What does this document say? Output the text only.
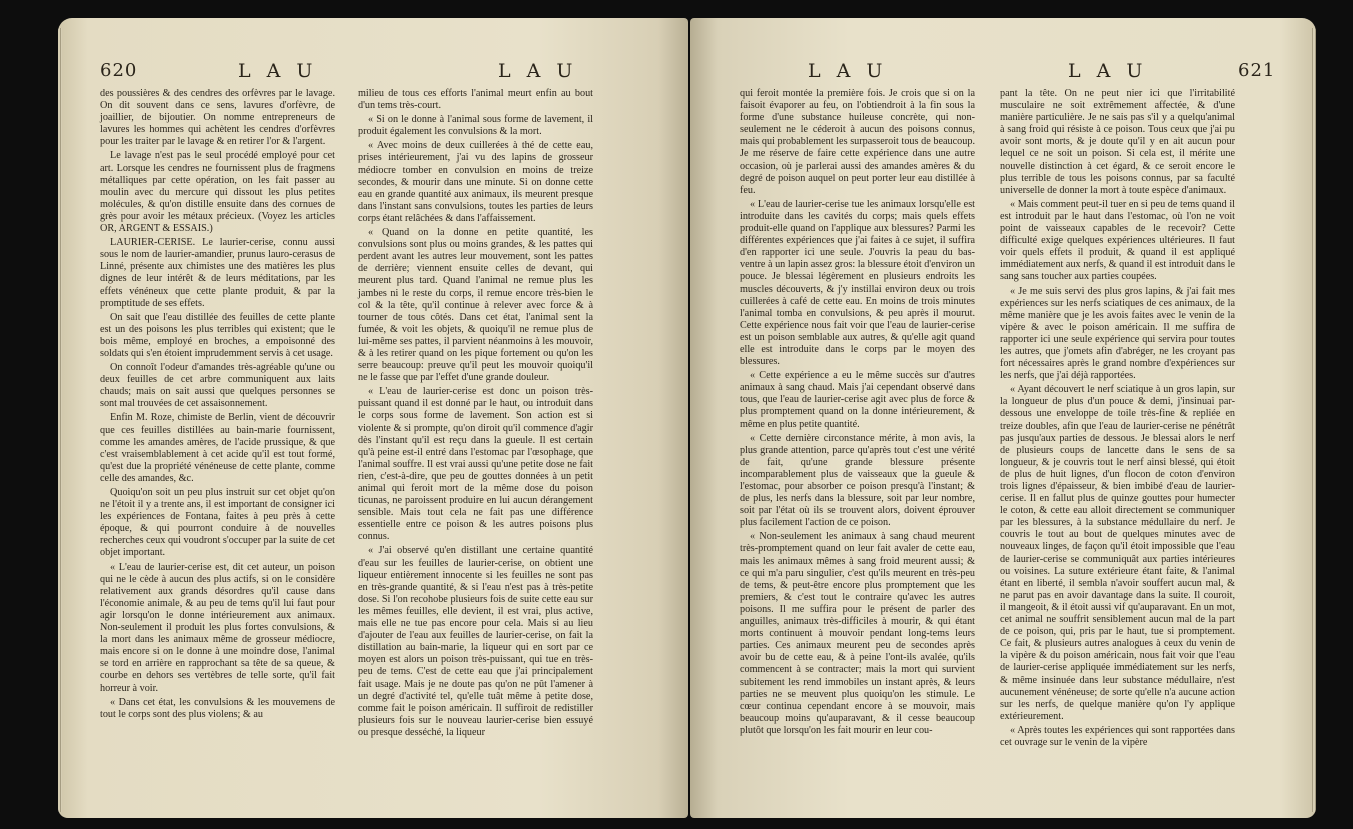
620	L A U	L A U

des poussières & des cendres des orfèvres par le lavage. On dit souvent dans ce sens, lavures d'orfèvre, de joaillier, de bijoutier. On nomme entrepreneurs de lavures les hommes qui achètent les cendres d'orfèvres pour les traiter par le lavage & en retirer l'or & l'argent.

Le lavage n'est pas le seul procédé employé pour cet art. Lorsque les cendres ne fournissent plus de fragmens métalliques par cette opération, on les fait passer au moulin avec du mercure qui dissout les plus petites molécules, & qu'on distille ensuite dans des cornues de grès pour avoir les métaux précieux. (Voyez les articles OR, ARGENT & ESSAIS.)

LAURIER-CERISE. Le laurier-cerise, connu aussi sous le nom de laurier-amandier, prunus lauro-cerasus de Linné, présente aux chimistes une des matières les plus dignes de leur intérêt & de leurs méditations, par les effets vénéneux que cette plante produit, & par la promptitude de ses effets.

On sait que l'eau distillée des feuilles de cette plante est un des poisons les plus terribles qui existent; que le bois même, employé en broches, a empoisonné des soldats qui s'en étoient imprudemment servis à cet usage.

On connoît l'odeur d'amandes très-agréable qu'une ou deux feuilles de cet arbre communiquent aux laits chauds; mais on sait aussi que quelques personnes se sont mal trouvées de cet assaisonnement.

Enfin M. Roze, chimiste de Berlin, vient de découvrir que ces feuilles distillées au bain-marie fournissent, comme les amandes amères, de l'acide prussique, & que c'est vraisemblablement à cet acide qu'il est tout formé, qu'est due la propriété vénéneuse de cette plante, comme celle des amandes, &c.

Quoiqu'on soit un peu plus instruit sur cet objet qu'on ne l'étoit il y a trente ans, il est important de consigner ici les expériences de Fontana, faites à peu près à cette époque, & qui pourront conduire à de nouvelles recherches ceux qui voudront s'occuper par la suite de cet objet important.

« L'eau de laurier-cerise est, dit cet auteur, un poison qui ne le cède à aucun des plus actifs, si on le considère relativement aux grands désordres qu'il cause dans l'économie animale, & au peu de tems qu'il lui faut pour agir lorsqu'on le donne intérieurement aux animaux. Non-seulement il produit les plus fortes convulsions, & la mort dans les animaux même de grosseur médiocre, mais encore si on le donne à une moindre dose, l'animal se tord en arrière en rapprochant sa tête de sa queue, & courbe en dehors ses vertèbres de telle sorte, qu'il fait horreur à voir.

« Dans cet état, les convulsions & les mouvemens de tout le corps sont des plus violens; & au

milieu de tous ces efforts l'animal meurt enfin au bout d'un tems très-court.

« Si on le donne à l'animal sous forme de lavement, il produit également les convulsions & la mort.

« Avec moins de deux cuillerées à thé de cette eau, prises intérieurement, j'ai vu des lapins de grosseur médiocre tomber en convulsion en moins de treize secondes, & mourir dans une minute. Si on donne cette eau en grande quantité aux animaux, ils meurent presque dans l'instant sans convulsions, toutes les parties de leurs corps étant relâchées & dans l'affaissement.

« Quand on la donne en petite quantité, les convulsions sont plus ou moins grandes, & les pattes qui perdent avant les autres leur mouvement, sont les pattes de derrière; viennent ensuite celles de devant, qui meurent plus tard. Quand l'animal ne remue plus les jambes ni le reste du corps, il remue encore très-bien le col & la tête, qu'il continue à relever avec force & à tourner de tous côtés. Dans cet état, l'animal sent la fumée, & voit les objets, & quoiqu'il ne remue plus de lui-même ses pattes, il parvient néanmoins à les mouvoir, & à les retirer quand on les pique fortement ou qu'on les serre beaucoup: preuve qu'il peut les mouvoir quoiqu'il ne le fasse que par l'effet d'une grande douleur.

« L'eau de laurier-cerise est donc un poison très-puissant quand il est donné par le haut, ou introduit dans le corps sous forme de lavement. Son action est si violente & si prompte, qu'on diroit qu'il commence d'agir dès l'instant qu'il est reçu dans la gueule. Il est certain qu'à peine est-il entré dans l'estomac par l'œsophage, que l'animal souffre. Il est vrai aussi qu'une petite dose ne fait rien, c'est-à-dire, que peu de gouttes données à un petit animal qui feroit mort de la même dose du poison ticunas, ne paroissent produire en lui aucun dérangement sensible. Mais tout cela ne fait pas une différence essentielle entre ce poison & les autres poisons plus connus.

« J'ai observé qu'en distillant une certaine quantité d'eau sur les feuilles de laurier-cerise, on obtient une liqueur entièrement innocente si les feuilles ne sont pas en très-grande quantité, & si l'eau n'est pas à très-petite dose. Si l'on recohobe plusieurs fois de suite cette eau sur les mêmes feuilles, elle devient, il est vrai, plus active, mais elle ne tue pas encore pour cela. Mais si au lieu d'ajouter de l'eau aux feuilles de laurier-cerise, on fait la distillation au bain-marie, la liqueur qui en sort par ce moyen est alors un poison très-puissant, qui tue en très-peu de tems. C'est de cette eau que j'ai principalement fait usage. Mais je ne doute pas qu'on ne pût l'amener à un degré d'activité tel, qu'elle tuât même à petite dose, comme fait le poison américain. Il suffiroit de redistiller plusieurs fois sur le nouveau laurier-cerise bien essuyé ou presque desséché, la liqueur

L A U	L A U	621

qui feroit montée la première fois. Je crois que si on la faisoit évaporer au feu, on l'obtiendroit à la fin sous la forme d'une substance huileuse concrète, qui non-seulement ne le céderoit à aucun des poisons connus, mais qui probablement les surpasseroit tous de beaucoup. Je me réserve de faire cette expérience dans une autre occasion, où je parlerai aussi des amandes amères & du degré de poison auquel on peut porter leur eau distillée à feu.

« L'eau de laurier-cerise tue les animaux lorsqu'elle est introduite dans les cavités du corps; mais quels effets produit-elle quand on l'applique aux blessures? Parmi les différentes expériences que j'ai faites à ce sujet, il suffira d'en rapporter ici une seule. J'ouvris la peau du bas-ventre à un lapin assez gros: la blessure étoit d'environ un pouce. Je blessai légèrement en plusieurs endroits les muscles découverts, & j'y instillai environ deux ou trois cuillerées à café de cette eau. En moins de trois minutes l'animal tomba en convulsions, & peu après il mourut. Cette expérience nous fait voir que l'eau de laurier-cerise est un poison semblable aux autres, & qu'elle agit quand elle est introduite dans le corps par le moyen des blessures.

« Cette expérience a eu le même succès sur d'autres animaux à sang chaud. Mais j'ai cependant observé dans tous, que l'eau de laurier-cerise agit avec plus de force & plus promptement quand on la donne intérieurement, & même en plus petite quantité.

« Cette dernière circonstance mérite, à mon avis, la plus grande attention, parce qu'après tout c'est une vérité de fait, qu'une grande blessure présente incomparablement plus de vaisseaux que la gueule & l'estomac, pour absorber ce poison presqu'à l'instant; & de plus, les nerfs dans la blessure, soit par leur nombre, soit par l'état où ils se trouvent alors, doivent éprouver plus facilement l'action de ce poison.

« Non-seulement les animaux à sang chaud meurent très-promptement quand on leur fait avaler de cette eau, mais les animaux mêmes à sang froid meurent aussi; & ce qui m'a paru singulier, c'est qu'ils meurent en très-peu de tems, & peut-être encore plus promptement que les premiers, & c'est tout le contraire qu'avec les autres poisons. Il me suffira pour le présent de parler des anguilles, animaux très-difficiles à mourir, & qui étant morts continuent à mouvoir pendant long-tems leurs parties. Ces animaux meurent peu de secondes après avoir bu de cette eau, & à peine l'ont-ils avalée, qu'ils commencent à se contracter; mais la mort qui survient subitement les rend immobiles un instant après, & leurs parties ne se meuvent plus quoiqu'on les stimule. Le cœur continua cependant encore à se mouvoir, mais beaucoup moins qu'auparavant, & il cesse beaucoup plutôt que lorsqu'on les fait mourir en leur cou-

pant la tête. On ne peut nier ici que l'irritabilité musculaire ne soit extrêmement affectée, & d'une manière particulière. Je ne sais pas s'il y a quelqu'animal à sang froid qui résiste à ce poison. Tous ceux que j'ai pu avoir sont morts, & je doute qu'il y en ait aucun pour lequel ce ne soit un poison. Si cela est, il mérite une nouvelle distinction à cet égard, & ce seroit encore le plus terrible de tous les poisons connus, par sa faculté universelle de donner la mort à toute espèce d'animaux.

« Mais comment peut-il tuer en si peu de tems quand il est introduit par le haut dans l'estomac, où l'on ne voit point de vaisseaux capables de le recevoir? Cette difficulté exige quelques expériences ultérieures. Il faut voir quels effets il produit, & quand il est appliqué immédiatement aux nerfs, & quand il est introduit dans le sang sans toucher aux parties coupées.

« Je me suis servi des plus gros lapins, & j'ai fait mes expériences sur les nerfs sciatiques de ces animaux, de la même manière que je les avois faites avec le venin de la vipère & avec le poison américain. Il me suffira de rapporter ici une seule expérience qui servira pour toutes les autres, que j'omets afin d'abréger, ne les croyant pas fort nécessaires après le grand nombre d'expériences sur les nerfs, que j'ai déjà rapportées.

« Ayant découvert le nerf sciatique à un gros lapin, sur la longueur de plus d'un pouce & demi, j'insinuai par-dessous une enveloppe de toile très-fine & repliée en treize doubles, afin que l'eau de laurier-cerise ne pénétrât pas jusqu'aux parties de dessous. Je blessai alors le nerf de plusieurs coups de lancette dans le sens de sa longueur, & je couvris tout le nerf ainsi blessé, qui étoit de plus de huit lignes, d'un flocon de coton d'environ trois lignes d'épaisseur, & bien imbibé d'eau de laurier-cerise. Il en fallut plus de quinze gouttes pour humecter le coton, & cette eau alloit directement se communiquer par les blessures, à la substance médullaire du nerf. Je couvris le tout au bout de quelques minutes avec de nouveaux linges, de façon qu'il étoit impossible que l'eau de laurier-cerise se communiquât aux parties intérieures ou voisines. La suture extérieure étant faite, & l'animal étant en liberté, il sembla n'avoir souffert aucun mal, & ne parut pas en avoir davantage dans la suite. Il couroit, il mangeoit, & il étoit aussi vif qu'auparavant. En un mot, cet animal ne souffrit sensiblement aucun mal de la part de ce poison, qui, pris par le haut, tue si promptement. Ce fait, & plusieurs autres analogues à ceux du venin de la vipère & du poison américain, nous fait voir que l'eau de laurier-cerise appliquée immédiatement sur les nerfs, & même insinuée dans leur substance médullaire, n'est aucunement vénéneuse; de sorte qu'elle n'a aucune action sur les nerfs, de quelque manière qu'on l'y applique extérieurement.

« Après toutes les expériences qui sont rapportées dans cet ouvrage sur le venin de la vipère
